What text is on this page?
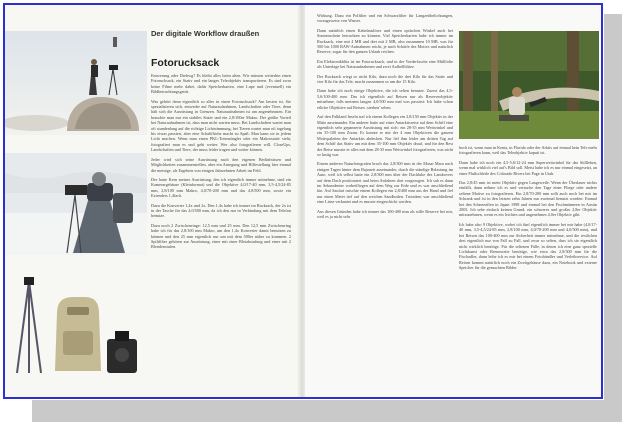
Der digitale Workflow draußen
Fotorucksack

Entwerung oder Drehwg? Es bleibt alles beim alten. Wir müssen weiterhin einen Fotorucksack, ein Stativ und ein langes Teleobjektiv transportieren. Es sind zwar keine Filme mehr dabei, dafür Speicherkarten, eine Lupe und (eventuell) ein Bildbetrachtungsgerät.

Was gehört denn eigentlich so alles in einen Fotorucksack? Am besten ist, Sie spezialisieren sich, entweder auf Naturaufnahmen, Landschaften oder Tiere, denn hält sich die Ausrüstung in Grenzen. Naturaufnahmen ist am angenehmsten. Ein brauchte man nur ein stabiles Stativ und ein 2,8/100er Makro. Der größte Vorteil bei Naturaufnahmen ist, dass man nicht warten muss. Bei Landschaften wartet man oft stundenlang auf die richtige Lichtstimmung, bei Tieren wartet man oft tagelang bis etwas passiert, aber eine Schaltfläche macht zu Spaß: Man kann sie in jedem Licht machen. Wenn man einen PKL-Totenzüngler oder ein Makrostativ sieht, fotografiert man es und geht weiter. Wer also fotografieren will, CloseUps, Landschaften und Tiere, der muss leider tragen und weiter können.

Jeder wird sich seine Ausrüstung nach den eigenen Bedürfnissen und Möglichkeiten zusammenstellen, aber ein Anregung und Hilfestellung hier einmal die meinige, als Ergebnis von einigen Jahrzehnten Arbeit im Feld.

Der harte Kern meiner Ausrüstung, den ich eigentlich immer mitnehme, sind ein Kamerargehäuse (Kleinformat) und die Objektive 4,0/17-40 mm, 3,5-4,5/24-85 mm, 2,8/100 mm Makro, 4,0/70-200 mm und das 4,0/500 mm, sowie ein Extenders 1,4fach.

Dazu die Konverter 1,4x und 2x. Den 1,4x habe ich immer im Rucksack, der 2x ist in der Tasche für das 4,0/500 mm, da ich den nur in Verbindung mit dem Telefon benutze.

Dazu noch 2 Zwischenringe: 12,5 mm und 25 mm. Den 12,5 mm Zwischenring habe ich für das 2,8/100 mm Makro, um den 1,4x Konverter damit benutzen zu können und den 25 mm eigentlich nur um mit dem 500er näher zu kommen. 2 Spiltfilter gehören zur Ausrüstung, einer mit einer Bleiabstufung und einer mit 2 Blendenstufen.

Wirkung. Dazu ein Polfilter und ein Schwarzfilter für Langzeitbelichtungen, vorzugsweise von Wasser.

Dann natürlich einen Kabelauslöser und einen optischen Winkel auch bei Sonnenschein betrachten zu können. Viel Speicherkarten habe ich immer im Rucksack, eine mit 4 MB und drei mit 2 MB, also zusammen 10 MB, was für 500 bis 1000 RAW-Aufnahmen reicht, je nach Schärfe des Motivs und natürlich Reserve, sogar für den ganzen Urlaub reichen.

Ein Elektronikblitz ist im Fotorucksack, und in der Vorderfasche eine Müllfolie als Unterlage bei Naturaufnahmen und zwei Aufhellblitze.

Der Rucksack wiegt so nicht Kilo, dazu noch die drei Kilo für das Stativ und vier Kilo für das Tele, macht zusammen so um die 15 Kilo.

Dann habe ich noch einige Objektive, die ich selten benutze. Zuerst das 4,5-5,6/100-400 mm. Das ich eigentlich auf Reisen nur als Reserveobjektiv mitnehme, falls meinem langen 4,0/500 mm mal was passiert: Ich habe schon etliche Objektive auf Reisen ‚sterben' sehen.

Auf den Falkland Inseln traf ich einem Kollegen ein 2,8/150 mm Objektiv in der Mitte auseinander. Ein anderer hatte auf einer Antarktisreise auf dem Schiff eine eigentlich sehr gepanzerte Ausrüstung mit sich: ein 28-35 mm Weitwinkel und ein 35-100 mm Zoom. Er konnte er mit der 4 mm Objektiven die ganzen Motivpaletten der Antarktis abdecken. Nur fiel ihm leider am dritten Tag auf dem Schiff das Stativ um mit dem 35-100 mm Objektiv drauf, und für den Rest der Reise musste er alles mit dem 28-35 mm Weitwinkel fotografieren, was nicht so lustig war.

Einem anderen Naturfotografen brach das 2,8/300 mm in der Masai Mara nach einigen Tagen hinter dem Bajonett auseinander, durch die ständige Belastung im Auto, weil ich selbst hatte ein 2,8/300 mm über der Dachluke des Landrovers auf dem Dach positioniert und beim Anfahren dort vorgezogen. Ich sah es dann im Sekundenter vorbeifliegen auf dem Weg zur Erde und es war anschließend hin. Auf Saufari rutschte einem Kollegen ein 2,8/400 mm aus der Hand und fiel nur einen Meter tief auf den weichen Sandboden. Trotzdem war anschließend eine Linse verkantet und es musste eingeschickt werden.

Aus diesen Gründen habe ich immer das 100-400 mm als stille Reserve bei mir, weil es ja nicht sehr

hoch ist, wenn man in Kenia, in Florida oder der Arktis auf einmal kein Tele mehr fotografieren kann, weil das Teleobjektiv kaputt ist.

Dann habe ich noch ein 4,5-5,6/12-24 mm Superweitwinkel für das Stillleben, wenn mal wirklich viel auf's Bild soll. Meist habe ich es nur einmal eingesetzt, an einer Flußschleife des Colorado Rivers bei Page in Utah.

Das 2,8/45 mm ist mein Objektiv gegen Langeweile. Wenn der Überlauer nichts einfällt, dann nehme ich es und versuche den Tage einer Fliege oder andere seltene Motive zu fotografieren. Ein 2,8/70-200 mm sollt auch noch bei mir im Schrank und ist in den letzten zehn Jahren nur zweimal benutzt worden: Einmal bei den Schneeaffen in Japan 1998 und einmal bei den Fischmänneen in Austin 2003. Ich sehe einfach keinen Grund, ein schweres und großes 2,8er Objektiv mitzunehmen, wenn es ein leichtes und angenehmes 4,0er Objektiv gibt.

Ich habe also 9 Objektive, wobei ich fünf eigentlich immer bei mir habe (4,0/17-40 mm, 3,5-4,5/24-85 mm, 2,8/100 mm, 4,0/70-200 mm und 4,0/500 mm), und bei Reisen das 100-400 mm zur Sicherheit immer mitnehme, und die restlichen drei eigentlich nur von Fall zu Fall, und zwar so selten, dass ich sie eigentlich nicht wirklich benötige. Für die seltenen Fälle, in denen ich eine ganz spezielle Lichtkunst oder Brennweite benötige, wie etwa das 2,8/300 mm für die Fischadler, dann leihe ich es mir bei einem Fotohändler und Verleihservice. Auf Reisen kommt natürlich noch ein Zweitgehäuse dazu, ein Notebook und externe Speicher für die gemachten Bilder.
